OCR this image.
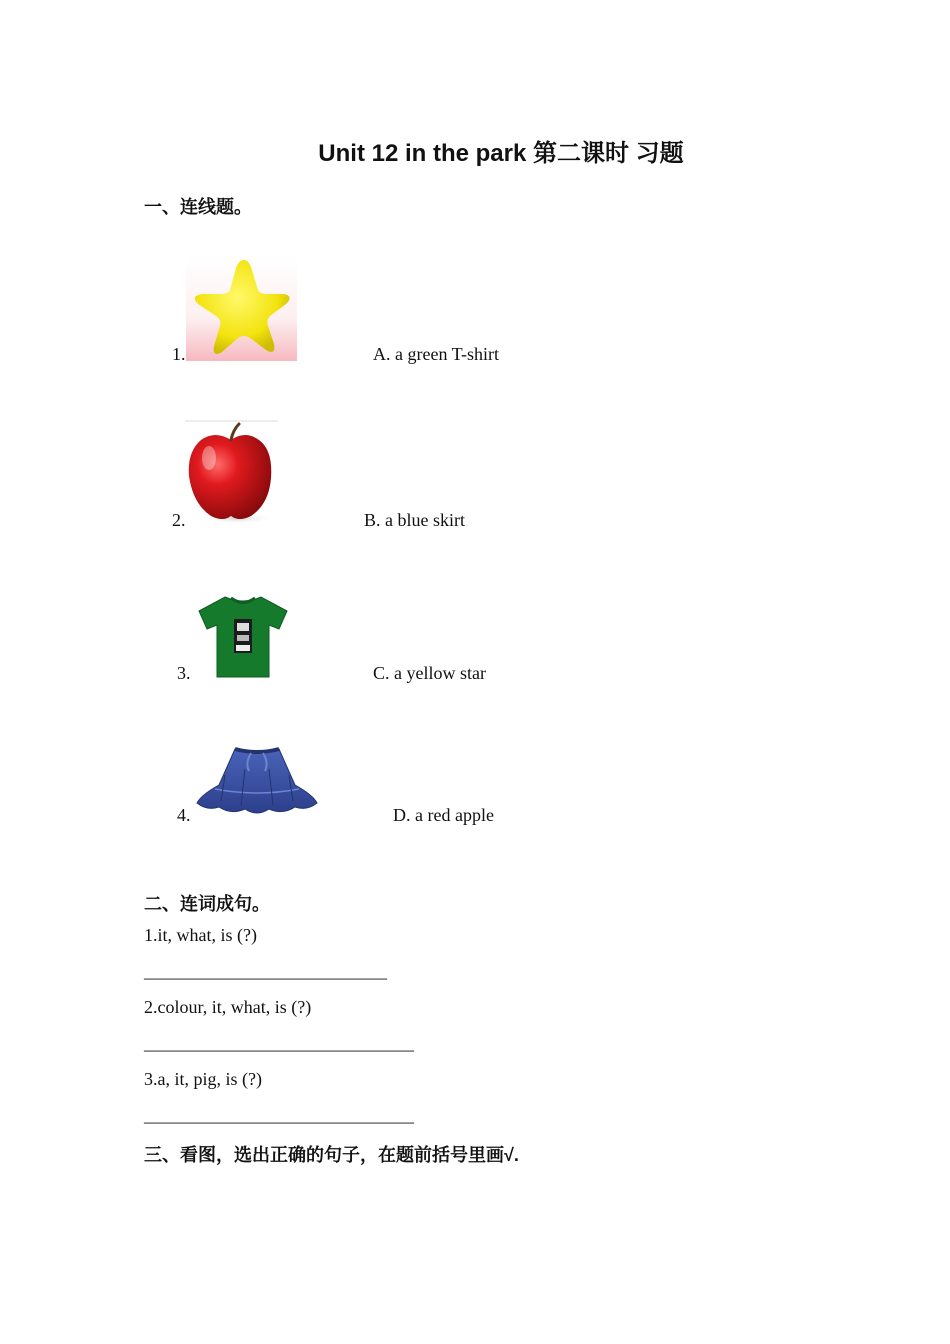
Unit 12 in the park 第二课时 习题
一、连线题。
1.	A. a green T-shirt
2.	B. a blue skirt
3.	C. a yellow star
4.	D. a red apple
二、连词成句。
1.it, what, is (?)
___________________________
2.colour, it, what, is (?)
______________________________
3.a, it, pig, is (?)
______________________________
三、看图，选出正确的句子，在题前括号里画√.
